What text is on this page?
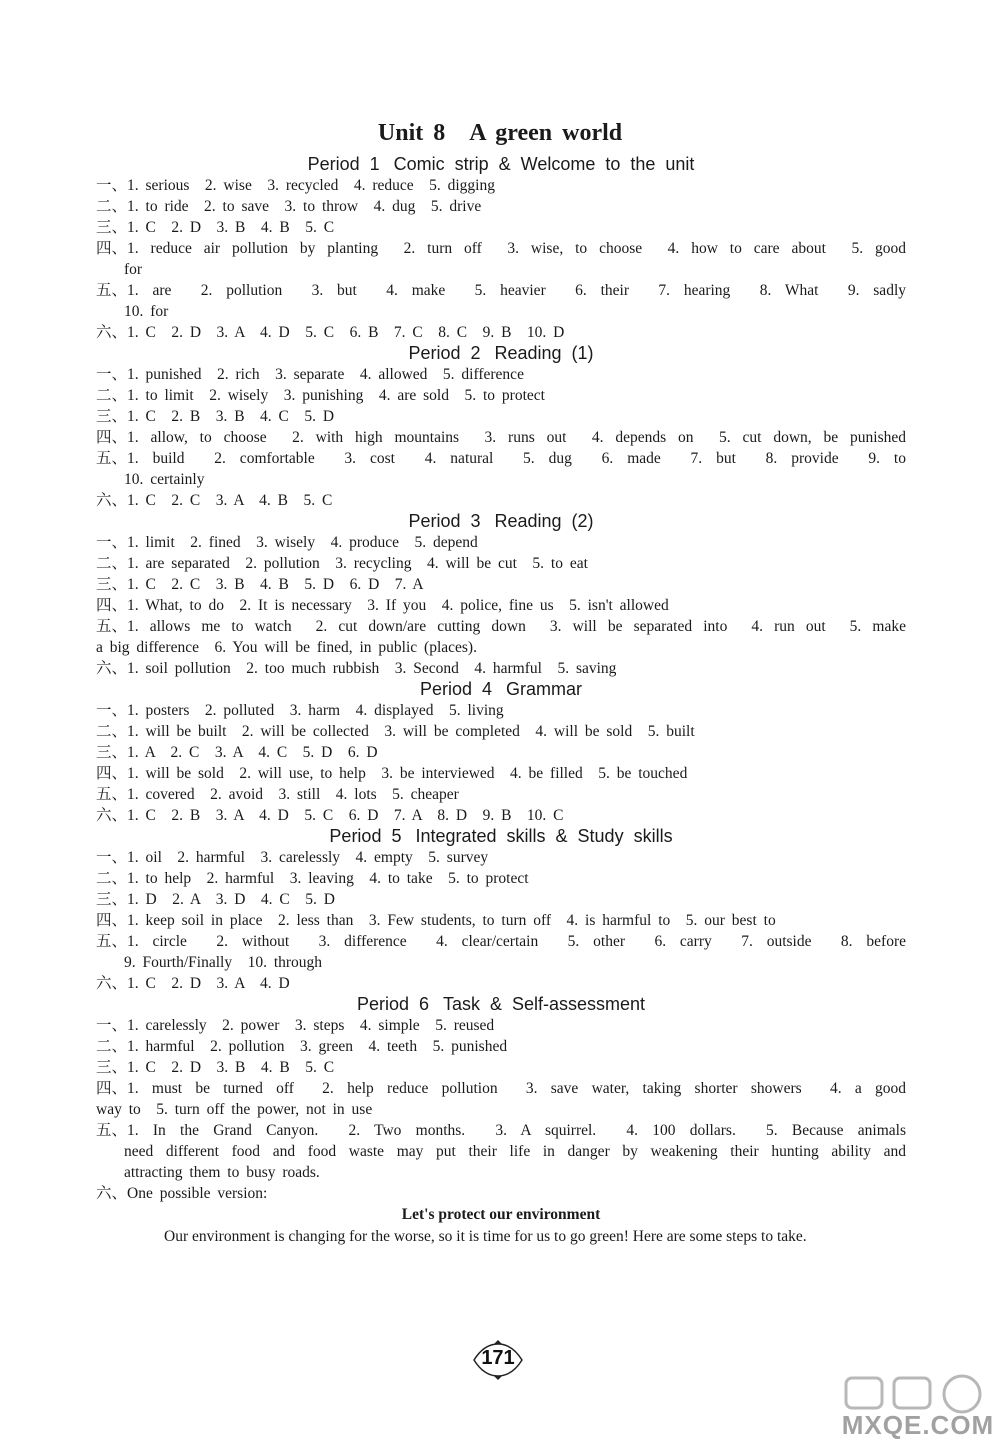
Unit 8　A green world
Period 1 Comic strip & Welcome to the unit
一、1. serious　2. wise　3. recycled　4. reduce　5. digging
二、1. to ride　2. to save　3. to throw　4. dug　5. drive
三、1. C　2. D　3. B　4. B　5. C
四、1. reduce air pollution by planting　2. turn off　3. wise, to choose　4. how to care about　5. good
for
五、1. are　2. pollution　3. but　4. make　5. heavier　6. their　7. hearing　8. What　9. sadly
10. for
六、1. C　2. D　3. A　4. D　5. C　6. B　7. C　8. C　9. B　10. D
Period 2 Reading (1)
一、1. punished　2. rich　3. separate　4. allowed　5. difference
二、1. to limit　2. wisely　3. punishing　4. are sold　5. to protect
三、1. C　2. B　3. B　4. C　5. D
四、1. allow, to choose　2. with high mountains　3. runs out　4. depends on　5. cut down, be punished
五、1. build　2. comfortable　3. cost　4. natural　5. dug　6. made　7. but　8. provide　9. to
10. certainly
六、1. C　2. C　3. A　4. B　5. C
Period 3 Reading (2)
一、1. limit　2. fined　3. wisely　4. produce　5. depend
二、1. are separated　2. pollution　3. recycling　4. will be cut　5. to eat
三、1. C　2. C　3. B　4. B　5. D　6. D　7. A
四、1. What, to do　2. It is necessary　3. If you　4. police, fine us　5. isn't allowed
五、1. allows me to watch　2. cut down/are cutting down　3. will be separated into　4. run out　5. make
a big difference　6. You will be fined, in public (places).
六、1. soil pollution　2. too much rubbish　3. Second　4. harmful　5. saving
Period 4 Grammar
一、1. posters　2. polluted　3. harm　4. displayed　5. living
二、1. will be built　2. will be collected　3. will be completed　4. will be sold　5. built
三、1. A　2. C　3. A　4. C　5. D　6. D
四、1. will be sold　2. will use, to help　3. be interviewed　4. be filled　5. be touched
五、1. covered　2. avoid　3. still　4. lots　5. cheaper
六、1. C　2. B　3. A　4. D　5. C　6. D　7. A　8. D　9. B　10. C
Period 5 Integrated skills & Study skills
一、1. oil　2. harmful　3. carelessly　4. empty　5. survey
二、1. to help　2. harmful　3. leaving　4. to take　5. to protect
三、1. D　2. A　3. D　4. C　5. D
四、1. keep soil in place　2. less than　3. Few students, to turn off　4. is harmful to　5. our best to
五、1. circle　2. without　3. difference　4. clear/certain　5. other　6. carry　7. outside　8. before
9. Fourth/Finally　10. through
六、1. C　2. D　3. A　4. D
Period 6 Task & Self-assessment
一、1. carelessly　2. power　3. steps　4. simple　5. reused
二、1. harmful　2. pollution　3. green　4. teeth　5. punished
三、1. C　2. D　3. B　4. B　5. C
四、1. must be turned off　2. help reduce pollution　3. save water, taking shorter showers　4. a good
way to　5. turn off the power, not in use
五、1. In the Grand Canyon.　2. Two months.　3. A squirrel.　4. 100 dollars.　5. Because animals
need different food and food waste may put their life in danger by weakening their hunting ability and
attracting them to busy roads.
六、One possible version:
Let's protect our environment
Our environment is changing for the worse, so it is time for us to go green! Here are some steps to take.
171
MXQE.COM
